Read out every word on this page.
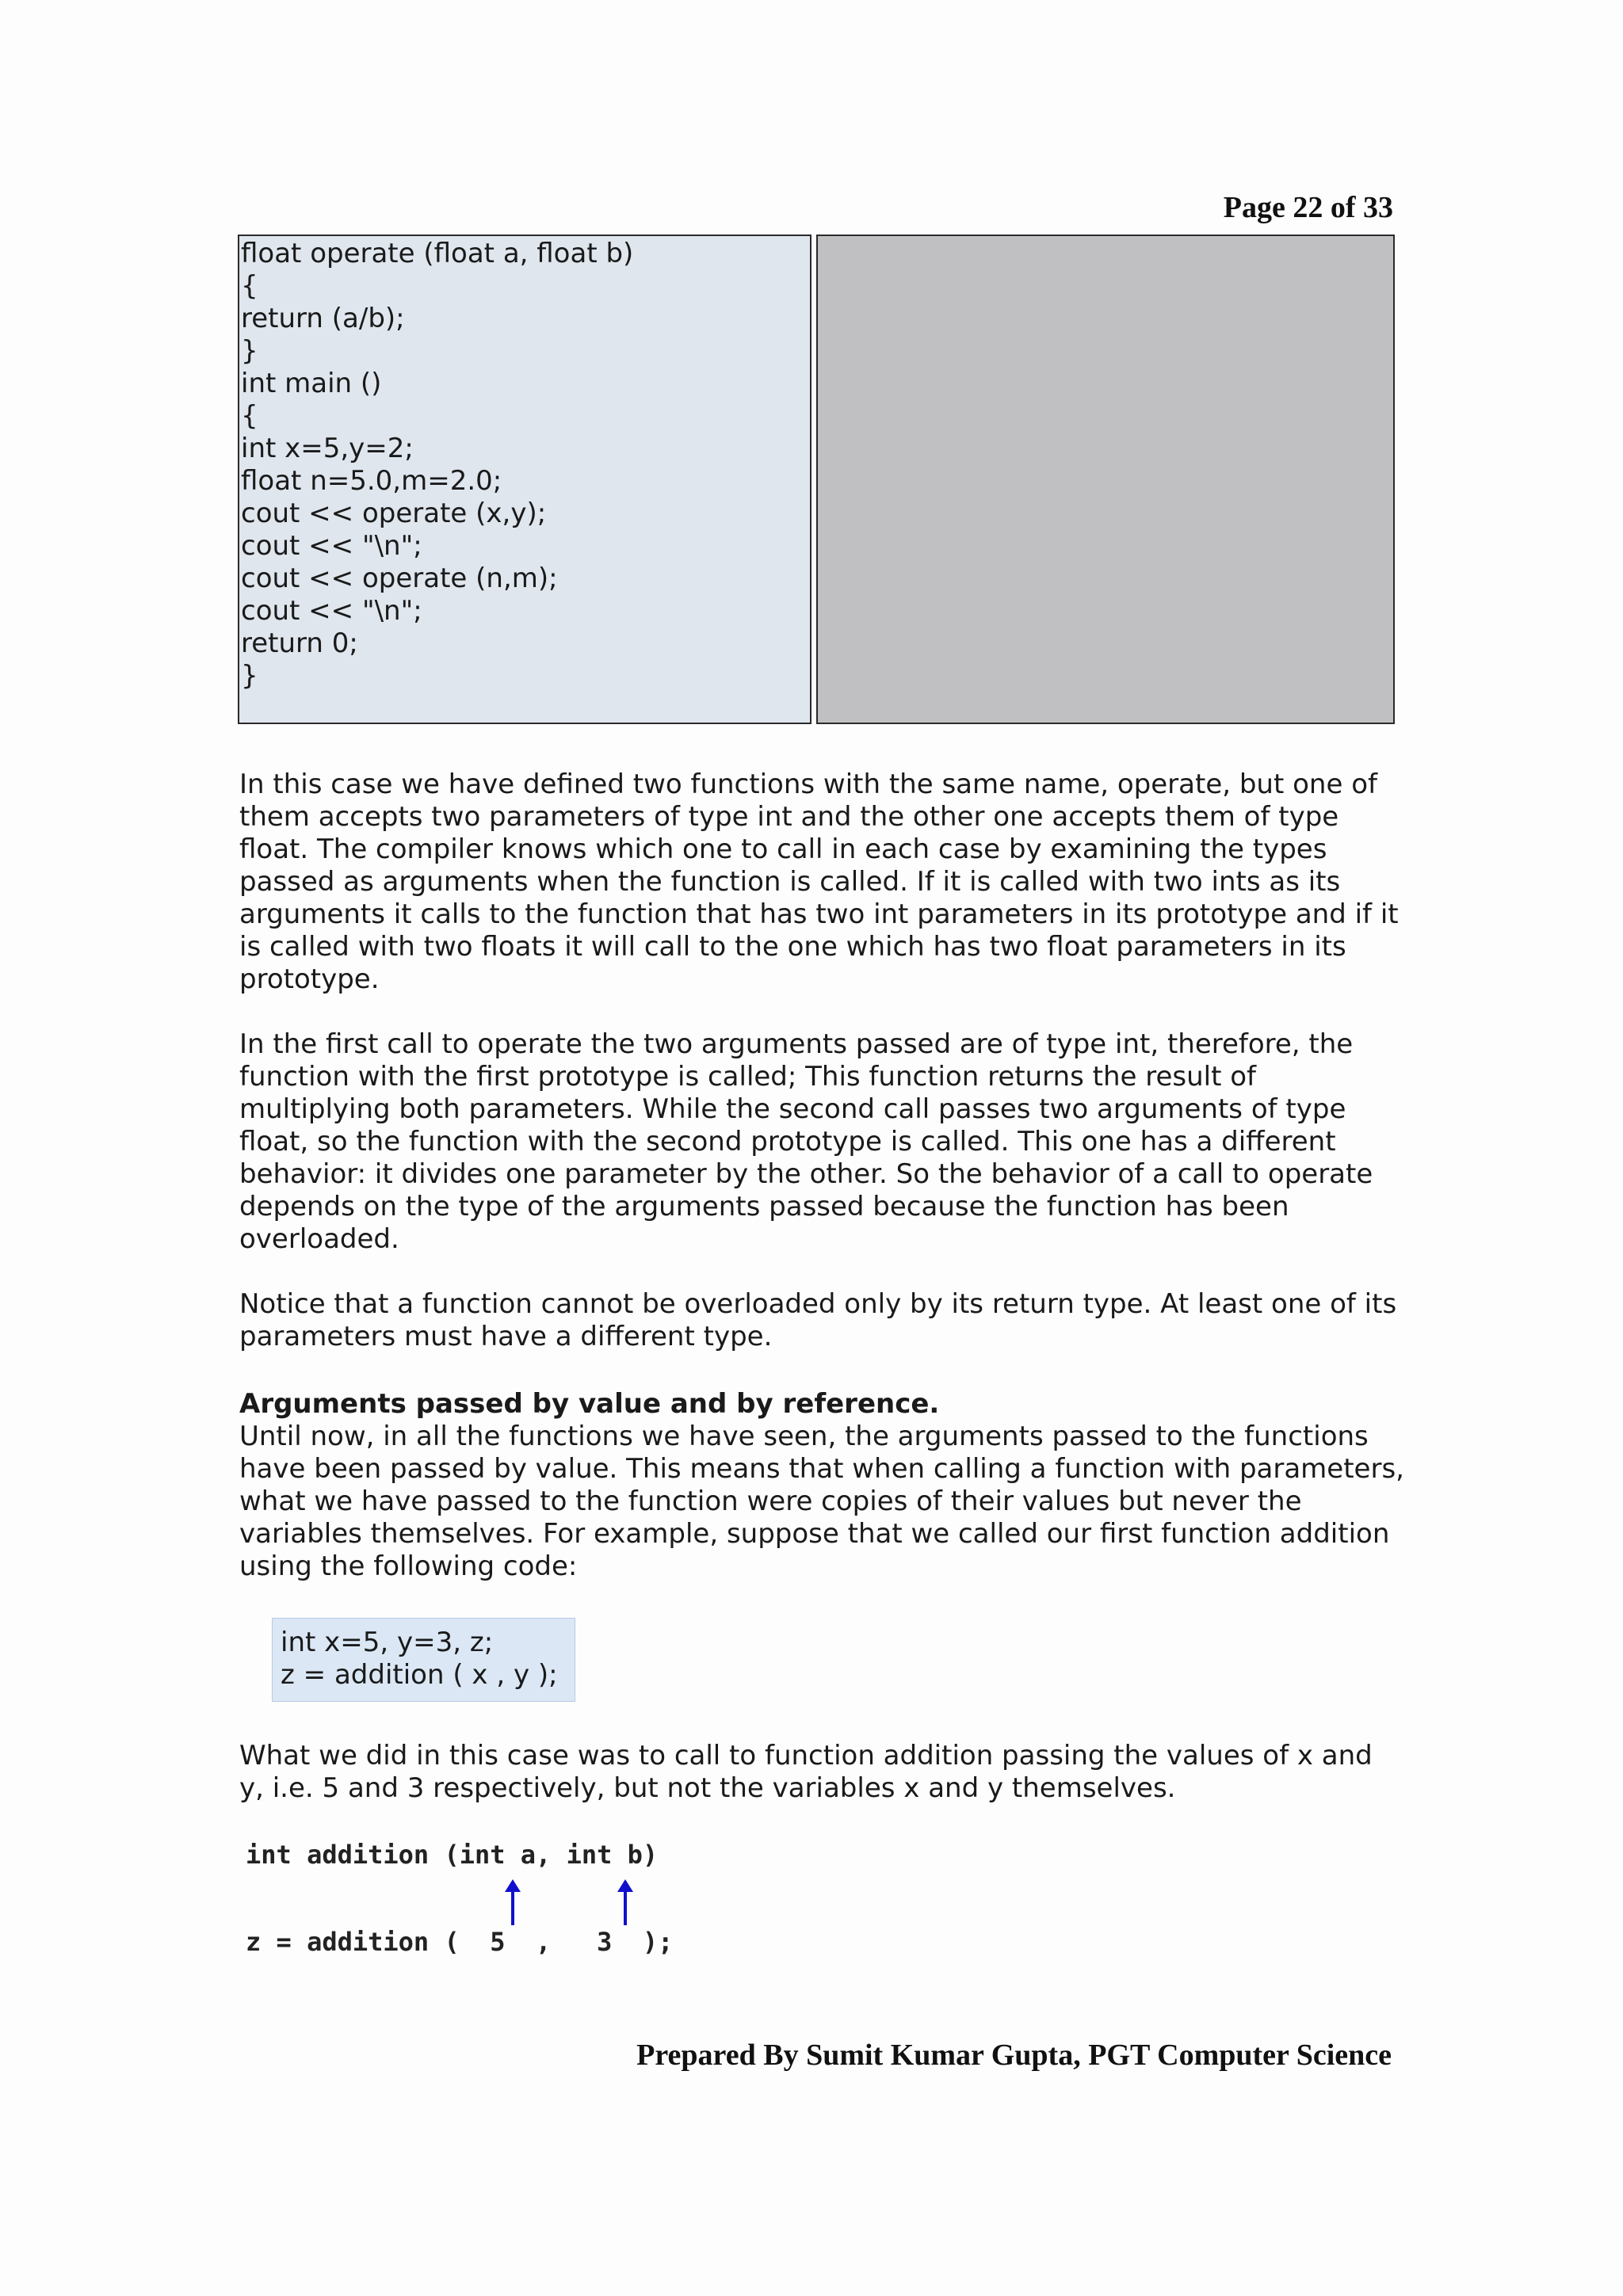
Page 22 of 33

float operate (float a, float b)

{

return (a/b);

}

int main ()

{

int x=5,y=2;

float n=5.0,m=2.0;

cout << operate (x,y);

cout << "\n";

cout << operate (n,m);

cout << "\n";

return 0;

}

In this case we have defined two functions with the same name, operate, but one of them accepts two parameters of type int and the other one accepts them of type float. The compiler knows which one to call in each case by examining the types passed as arguments when the function is called. If it is called with two ints as its arguments it calls to the function that has two int parameters in its prototype and if it is called with two floats it will call to the one which has two float parameters in its prototype.

In the first call to operate the two arguments passed are of type int, therefore, the function with the first prototype is called; This function returns the result of multiplying both parameters. While the second call passes two arguments of type float, so the function with the second prototype is called. This one has a different behavior: it divides one parameter by the other. So the behavior of a call to operate depends on the type of the arguments passed because the function has been overloaded.

Notice that a function cannot be overloaded only by its return type. At least one of its parameters must have a different type.

Arguments passed by value and by reference.
Until now, in all the functions we have seen, the arguments passed to the functions have been passed by value. This means that when calling a function with parameters, what we have passed to the function were copies of their values but never the variables themselves. For example, suppose that we called our first function addition using the following code:

int x=5, y=3, z;

z = addition ( x , y );

What we did in this case was to call to function addition passing the values of x and y, i.e. 5 and 3 respectively, but not the variables x and y themselves.

int addition (int a, int b)
z = addition (  5  ,   3  );
Prepared By Sumit Kumar Gupta, PGT Computer Science
